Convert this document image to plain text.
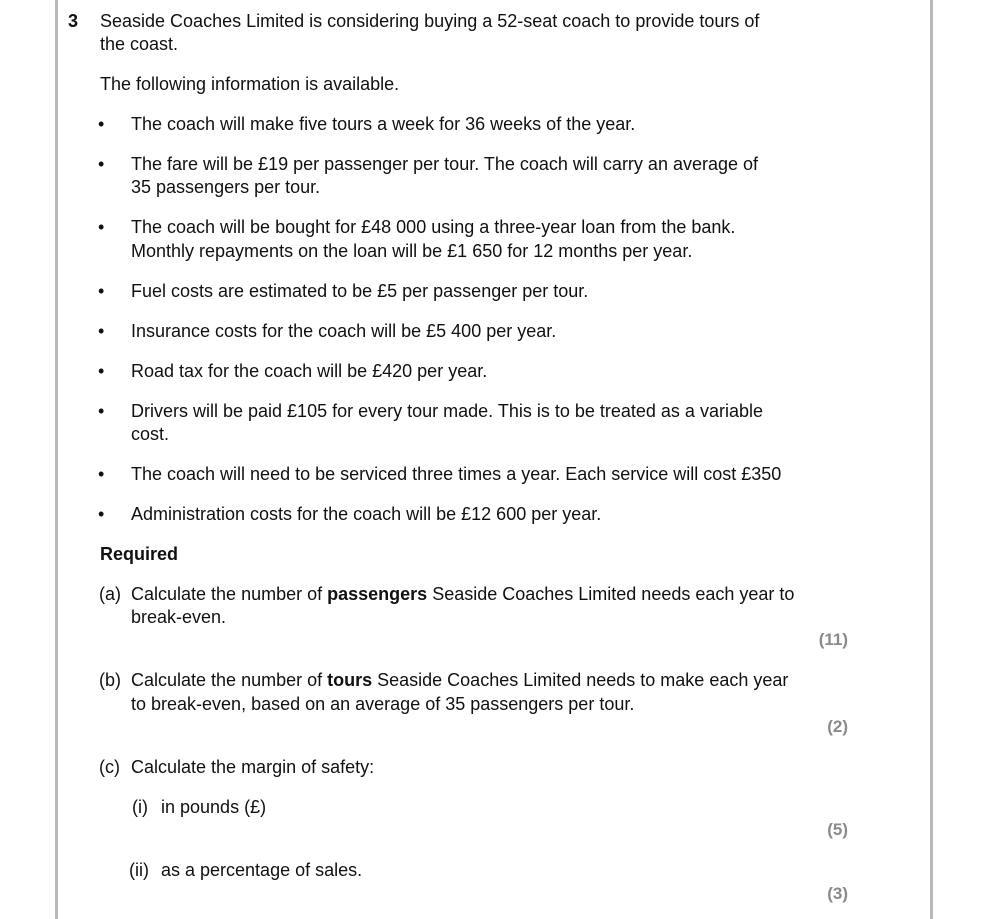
3 Seaside Coaches Limited is considering buying a 52-seat coach to provide tours of
the coast.
The following information is available.
• The coach will make five tours a week for 36 weeks of the year.
• The fare will be £19 per passenger per tour. The coach will carry an average of
35 passengers per tour.
• The coach will be bought for £48 000 using a three-year loan from the bank.
Monthly repayments on the loan will be £1 650 for 12 months per year.
• Fuel costs are estimated to be £5 per passenger per tour.
• Insurance costs for the coach will be £5 400 per year.
• Road tax for the coach will be £420 per year.
• Drivers will be paid £105 for every tour made. This is to be treated as a variable
cost.
• The coach will need to be serviced three times a year. Each service will cost £350
• Administration costs for the coach will be £12 600 per year.
Required
(a) Calculate the number of passengers Seaside Coaches Limited needs each year to
break-even.
(11)
(b) Calculate the number of tours Seaside Coaches Limited needs to make each year
to break-even, based on an average of 35 passengers per tour.
(2)
(c) Calculate the margin of safety:
(i) in pounds (£)
(5)
(ii) as a percentage of sales.
(3)
